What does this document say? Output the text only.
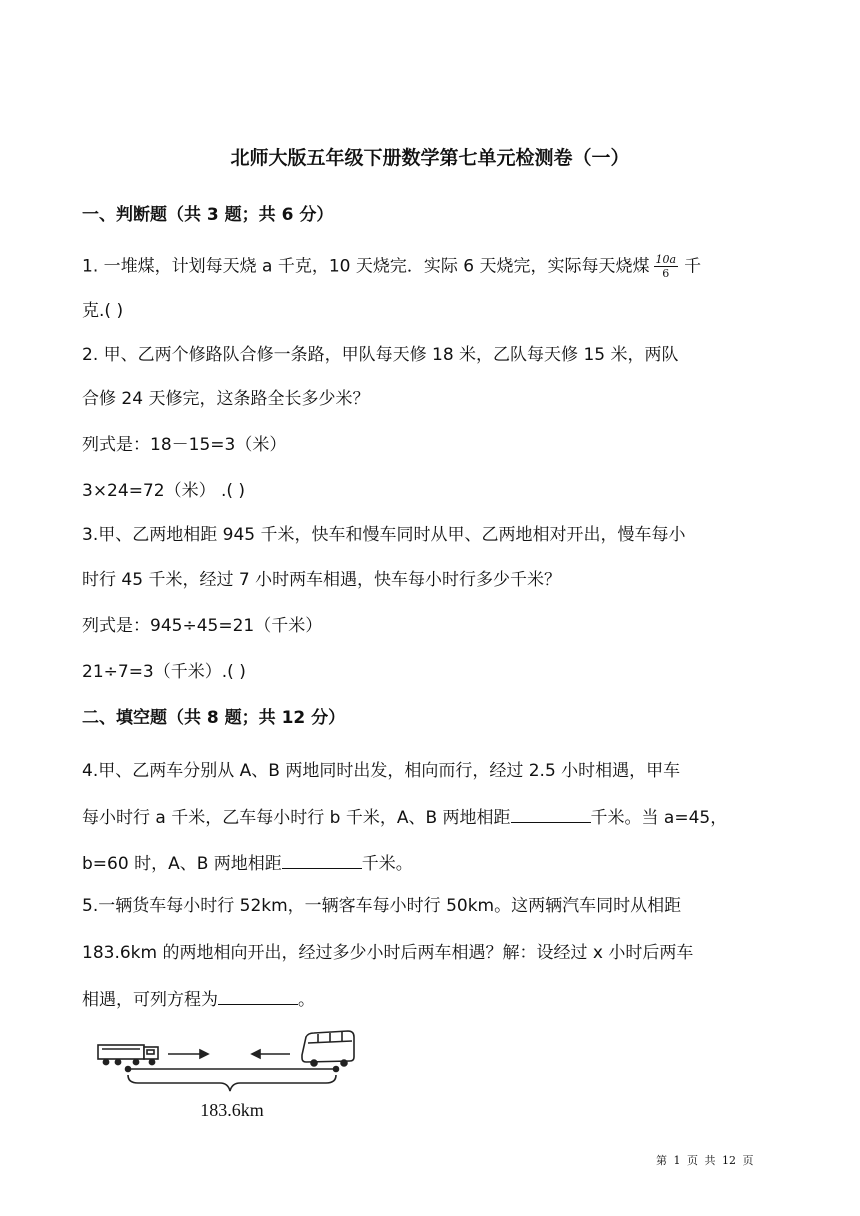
北师大版五年级下册数学第七单元检测卷（一）
一、判断题（共 3 题；共 6 分）
1. 一堆煤，计划每天烧 a 千克，10 天烧完．实际 6 天烧完，实际每天烧煤 $\frac{10a}{6}$ 千
克.( )
2. 甲、乙两个修路队合修一条路，甲队每天修 18 米，乙队每天修 15 米，两队
合修 24 天修完，这条路全长多少米？
列式是：18－15=3（米）
3×24=72（米） .( )
3.甲、乙两地相距 945 千米，快车和慢车同时从甲、乙两地相对开出，慢车每小
时行 45 千米，经过 7 小时两车相遇，快车每小时行多少千米？
列式是：945÷45=21（千米）
21÷7=3（千米）.( )
二、填空题（共 8 题；共 12 分）
4.甲、乙两车分别从 A、B 两地同时出发，相向而行，经过 2.5 小时相遇，甲车
每小时行 a 千米，乙车每小时行 b 千米，A、B 两地相距	千米。当 a=45，
b=60 时，A、B 两地相距	千米。
5.一辆货车每小时行 52km，一辆客车每小时行 50km。这两辆汽车同时从相距
183.6km 的两地相向开出，经过多少小时后两车相遇？解：设经过 x 小时后两车
相遇，可列方程为	。
183.6km
第 1 页 共 12 页
